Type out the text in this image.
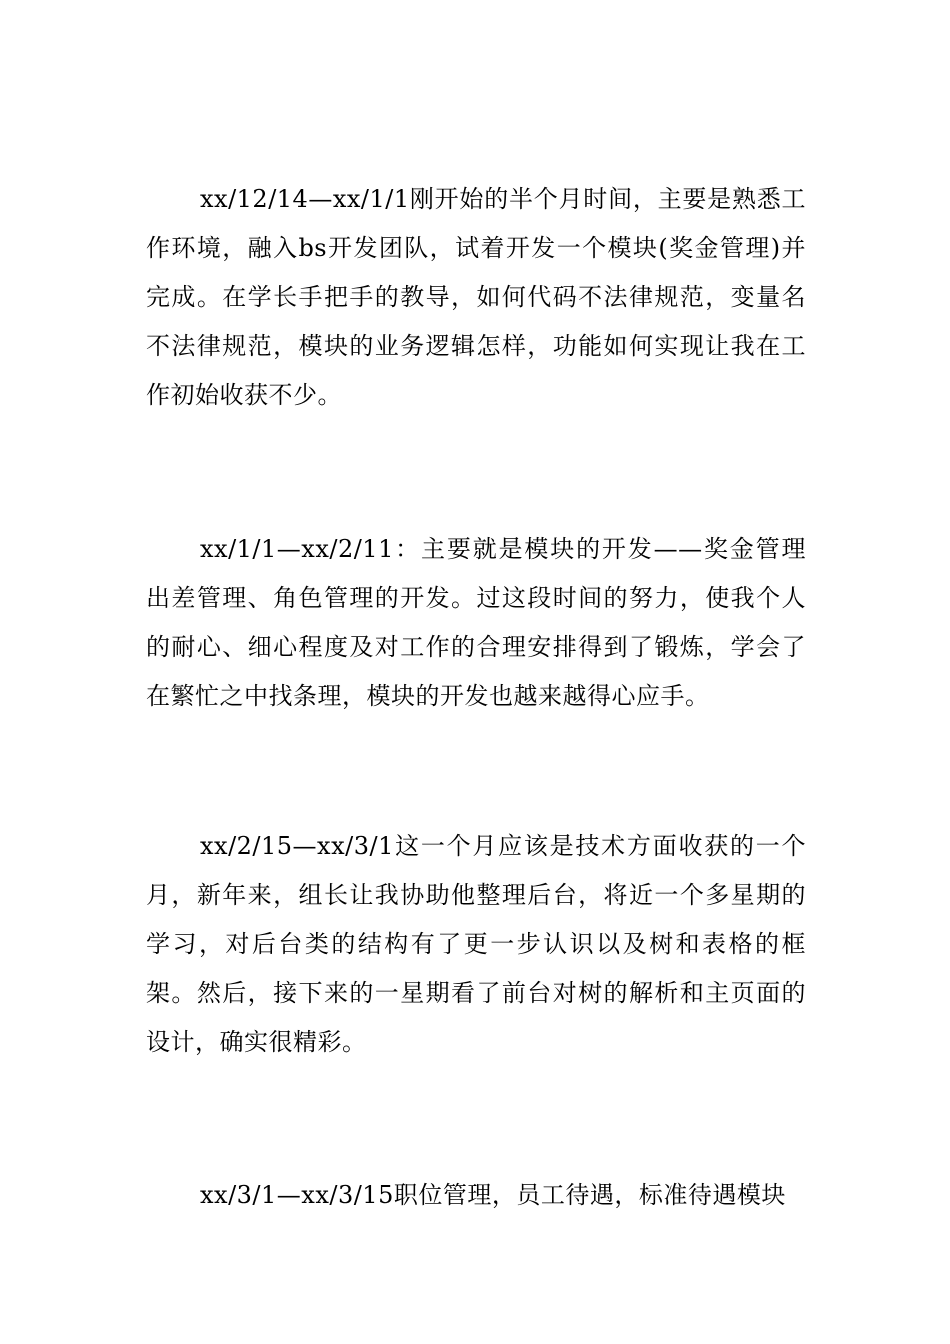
xx/12/14—xx/1/1刚开始的半个月时间，主要是熟悉工作环境，融入bs开发团队，试着开发一个模块(奖金管理)并完成。在学长手把手的教导，如何代码不法律规范，变量名不法律规范，模块的业务逻辑怎样，功能如何实现让我在工作初始收获不少。

xx/1/1—xx/2/11：主要就是模块的开发——奖金管理出差管理、角色管理的开发。过这段时间的努力，使我个人的耐心、细心程度及对工作的合理安排得到了锻炼，学会了在繁忙之中找条理，模块的开发也越来越得心应手。

xx/2/15—xx/3/1这一个月应该是技术方面收获的一个月，新年来，组长让我协助他整理后台，将近一个多星期的学习，对后台类的结构有了更一步认识以及树和表格的框架。然后，接下来的一星期看了前台对树的解析和主页面的设计，确实很精彩。

xx/3/1—xx/3/15职位管理，员工待遇，标准待遇模块
